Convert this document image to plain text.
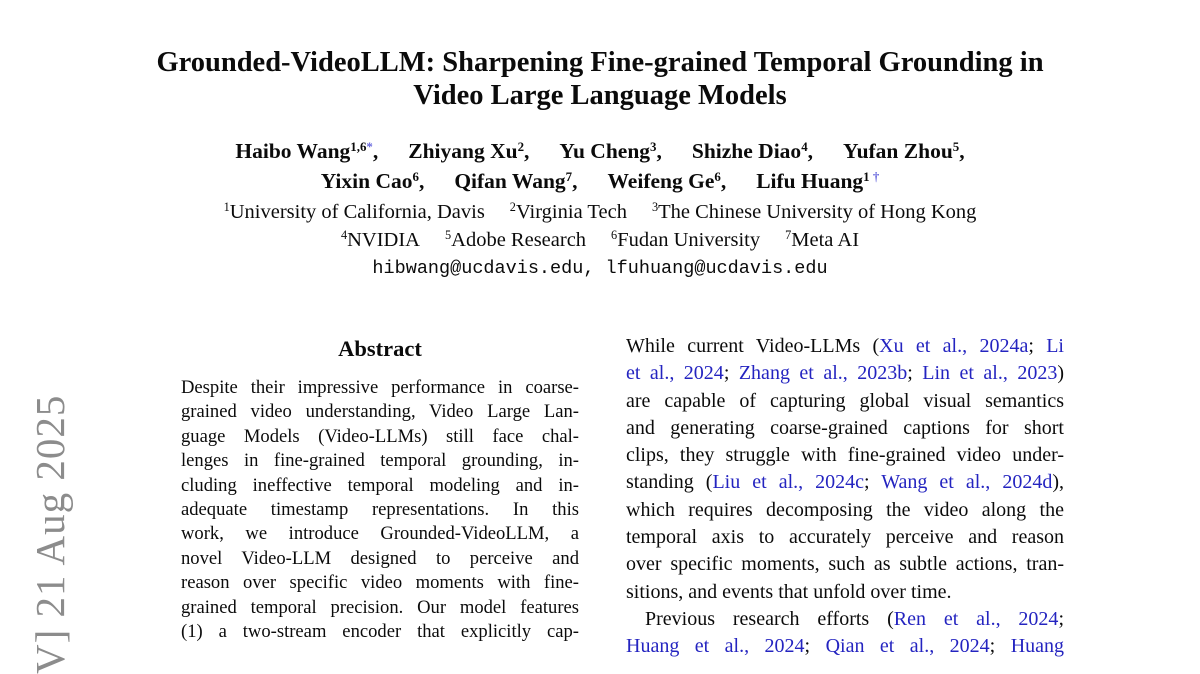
V] 21 Aug 2025
Grounded-VideoLLM: Sharpening Fine-grained Temporal Grounding in
Video Large Language Models
Haibo Wang$^{1,6*}$, Zhiyang Xu$^2$, Yu Cheng$^3$, Shizhe Diao$^4$, Yufan Zhou$^5$,
Yixin Cao$^6$, Qifan Wang$^7$, Weifeng Ge$^6$, Lifu Huang$^{1 \dagger}$
$^1$University of California, Davis $^2$Virginia Tech $^3$The Chinese University of Hong Kong
$^4$NVIDIA $^5$Adobe Research $^6$Fudan University $^7$Meta AI
hibwang@ucdavis.edu, lfuhuang@ucdavis.edu
Abstract
Despite their impressive performance in coarse-
grained video understanding, Video Large Lan-
guage Models (Video-LLMs) still face chal-
lenges in fine-grained temporal grounding, in-
cluding ineffective temporal modeling and in-
adequate timestamp representations. In this
work, we introduce Grounded-VideoLLM, a
novel Video-LLM designed to perceive and
reason over specific video moments with fine-
grained temporal precision. Our model features
(1) a two-stream encoder that explicitly cap-
While current Video-LLMs (Xu et al., 2024a; Li
et al., 2024; Zhang et al., 2023b; Lin et al., 2023)
are capable of capturing global visual semantics
and generating coarse-grained captions for short
clips, they struggle with fine-grained video under-
standing (Liu et al., 2024c; Wang et al., 2024d),
which requires decomposing the video along the
temporal axis to accurately perceive and reason
over specific moments, such as subtle actions, tran-
sitions, and events that unfold over time.
Previous research efforts (Ren et al., 2024;
Huang et al., 2024; Qian et al., 2024; Huang
